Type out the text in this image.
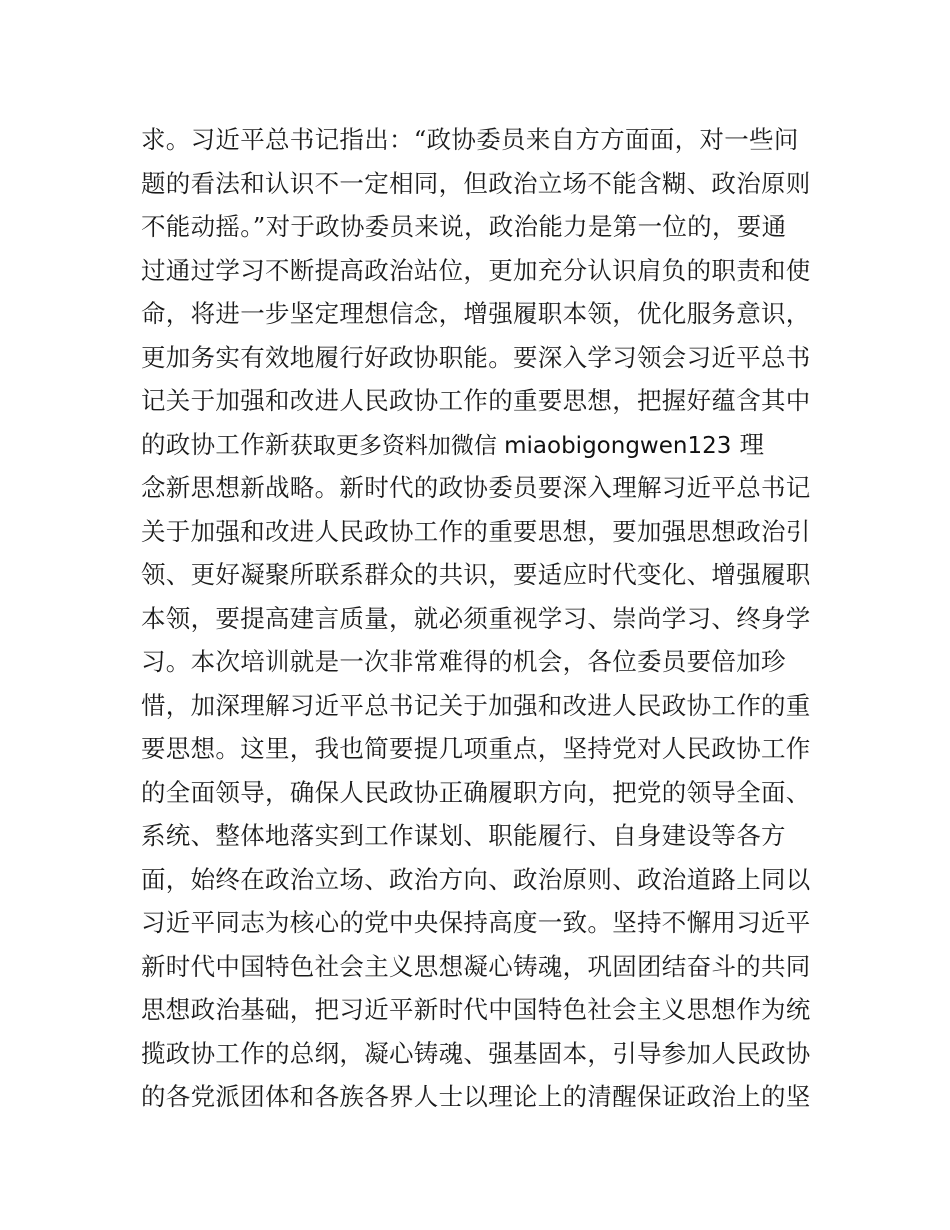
求。习近平总书记指出：“政协委员来自方方面面，对一些问
题的看法和认识不一定相同，但政治立场不能含糊、政治原则
不能动摇。”对于政协委员来说，政治能力是第一位的，要通
过通过学习不断提高政治站位，更加充分认识肩负的职责和使
命，将进一步坚定理想信念，增强履职本领，优化服务意识，
更加务实有效地履行好政协职能。要深入学习领会习近平总书
记关于加强和改进人民政协工作的重要思想，把握好蕴含其中
的政协工作新获取更多资料加微信 miaobigongwen123 理
念新思想新战略。新时代的政协委员要深入理解习近平总书记
关于加强和改进人民政协工作的重要思想，要加强思想政治引
领、更好凝聚所联系群众的共识，要适应时代变化、增强履职
本领，要提高建言质量，就必须重视学习、崇尚学习、终身学
习。本次培训就是一次非常难得的机会，各位委员要倍加珍
惜，加深理解习近平总书记关于加强和改进人民政协工作的重
要思想。这里，我也简要提几项重点，坚持党对人民政协工作
的全面领导，确保人民政协正确履职方向，把党的领导全面、
系统、整体地落实到工作谋划、职能履行、自身建设等各方
面，始终在政治立场、政治方向、政治原则、政治道路上同以
习近平同志为核心的党中央保持高度一致。坚持不懈用习近平
新时代中国特色社会主义思想凝心铸魂，巩固团结奋斗的共同
思想政治基础，把习近平新时代中国特色社会主义思想作为统
揽政协工作的总纲，凝心铸魂、强基固本，引导参加人民政协
的各党派团体和各族各界人士以理论上的清醒保证政治上的坚
